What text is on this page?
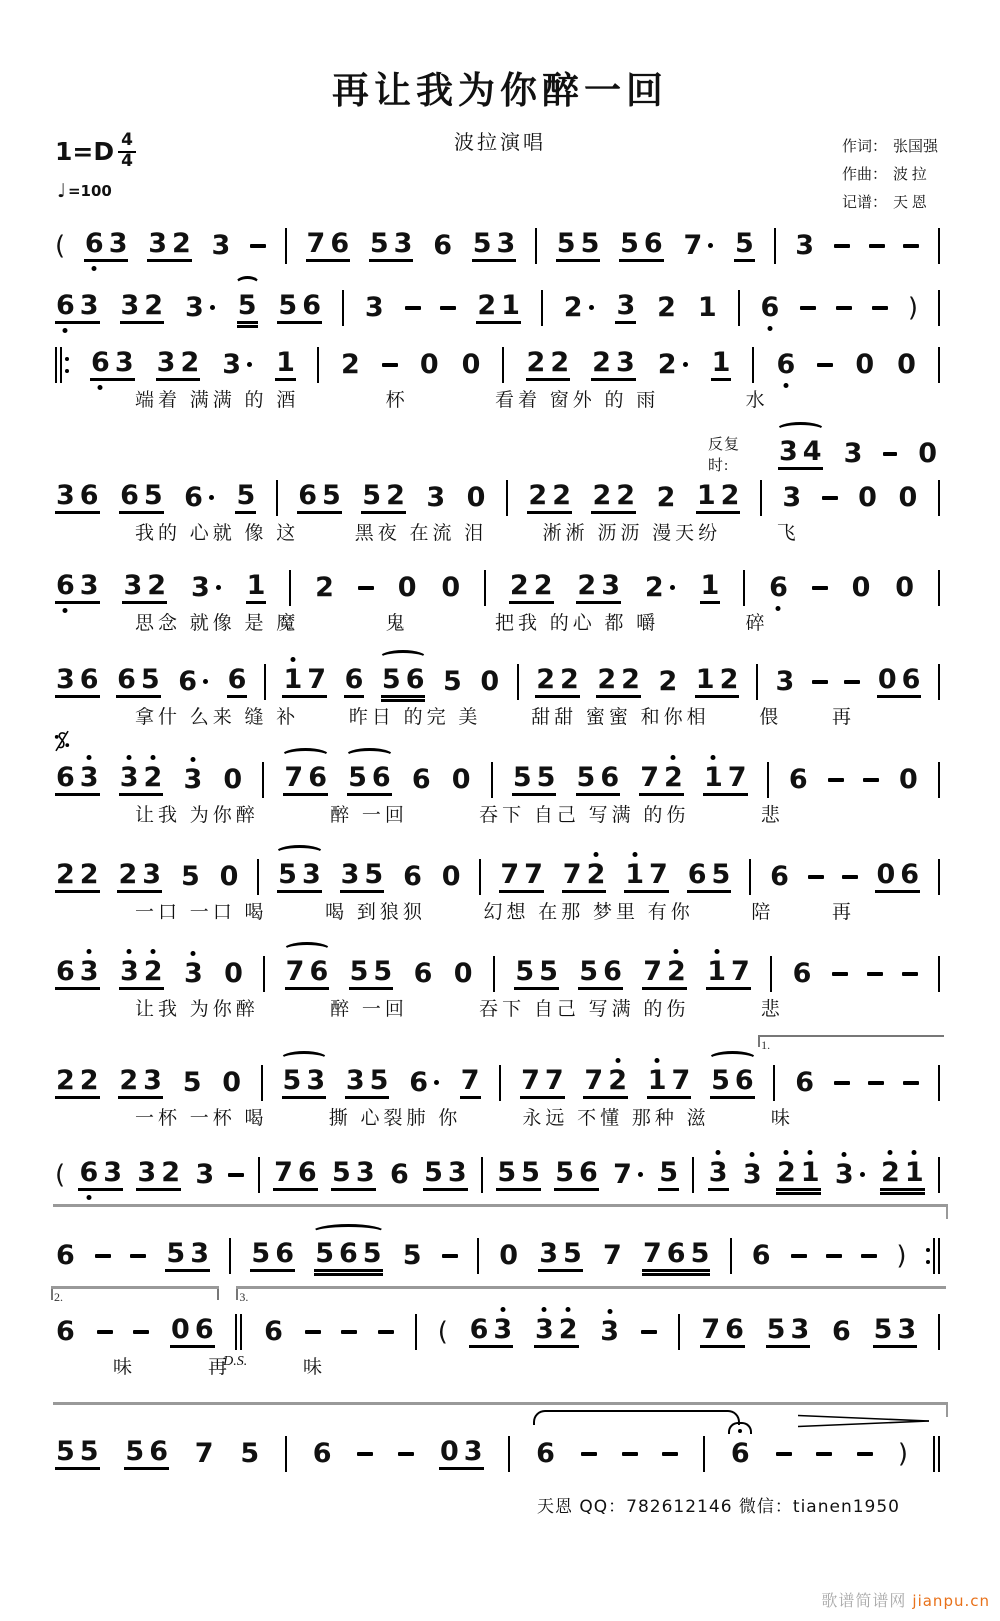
再让我为你醉一回
波拉演唱
$1=D \frac{4}{4}$
♩ =100
作词： 张国强
作曲： 波 拉
记谱： 天 恩
( 6 3 3 2 3	7 6 5 3 6 5 3 5 5 5 6 7 5 3
6 3 3 2 3 5 5 6 3	2 1 2 3 2 1 6	)
6 3 3 2 3 1 2 0 0 2 2 2 3 2 1 6 0 0
端着 满满 的 酒	杯	看着 窗外 的 雨	水
反复时:	3 4 3 0
3 6 6 5 6 5 6 5 5 2 3 0 2 2 2 2 2 1 2 3 0 0
我的 心就 像 这	黑夜 在流 泪	淅淅 沥沥 漫天纷	飞
6 3 3 2 3 1 2 0 0 2 2 2 3 2 1 6 0 0
思念 就像 是 魔	鬼	把我 的心 都 嚼	碎
3 6 6 5 6 6 1 7 6 5 6 5 0 2 2 2 2 2 1 2 3	0 6
拿什 么来 缝 补	昨日 的完 美	甜甜 蜜蜜 和你相	偎	再
6 3 3 2 3 0 7 6 5 6 6 0 5 5 5 6 7 2 1 7 6	0
让我 为你醉	醉 一回	吞下 自己 写满 的伤	悲
2 2 2 3 5 0 5 3 3 5 6 0 7 7 7 2 1 7 6 5 6	0 6
一口 一口 喝	喝 到狼狈	幻想 在那 梦里 有你	陪	再
6 3 3 2 3 0 7 6 5 5 6 0 5 5 5 6 7 2 1 7 6
让我 为你醉	醉 一回	吞下 自己 写满 的伤	悲
2 2 2 3 5 0 5 3 3 5 6 7 7 7 7 2 1 7 5 6 6
一杯 一杯 喝	撕 心裂肺 你	永远 不懂 那种 滋	味
1.
( 6 3 3 2 3 7 6 5 3 6 5 3 5 5 5 6 7 5 3 3 2 1 3 2 1
6	5 3 5 6 5 6 5 5	0 3 5 7 7 6 5 6	)
6	0 6 6	( 6 3 3 2 3	7 6 5 3 6 5 3
味	再	味
2.	3.
D.S.
5 5 5 6 7 5 6	0 3 6	6	)
天恩 QQ：782612146 微信：tianen1950
歌谱简谱网 jianpu.cn
